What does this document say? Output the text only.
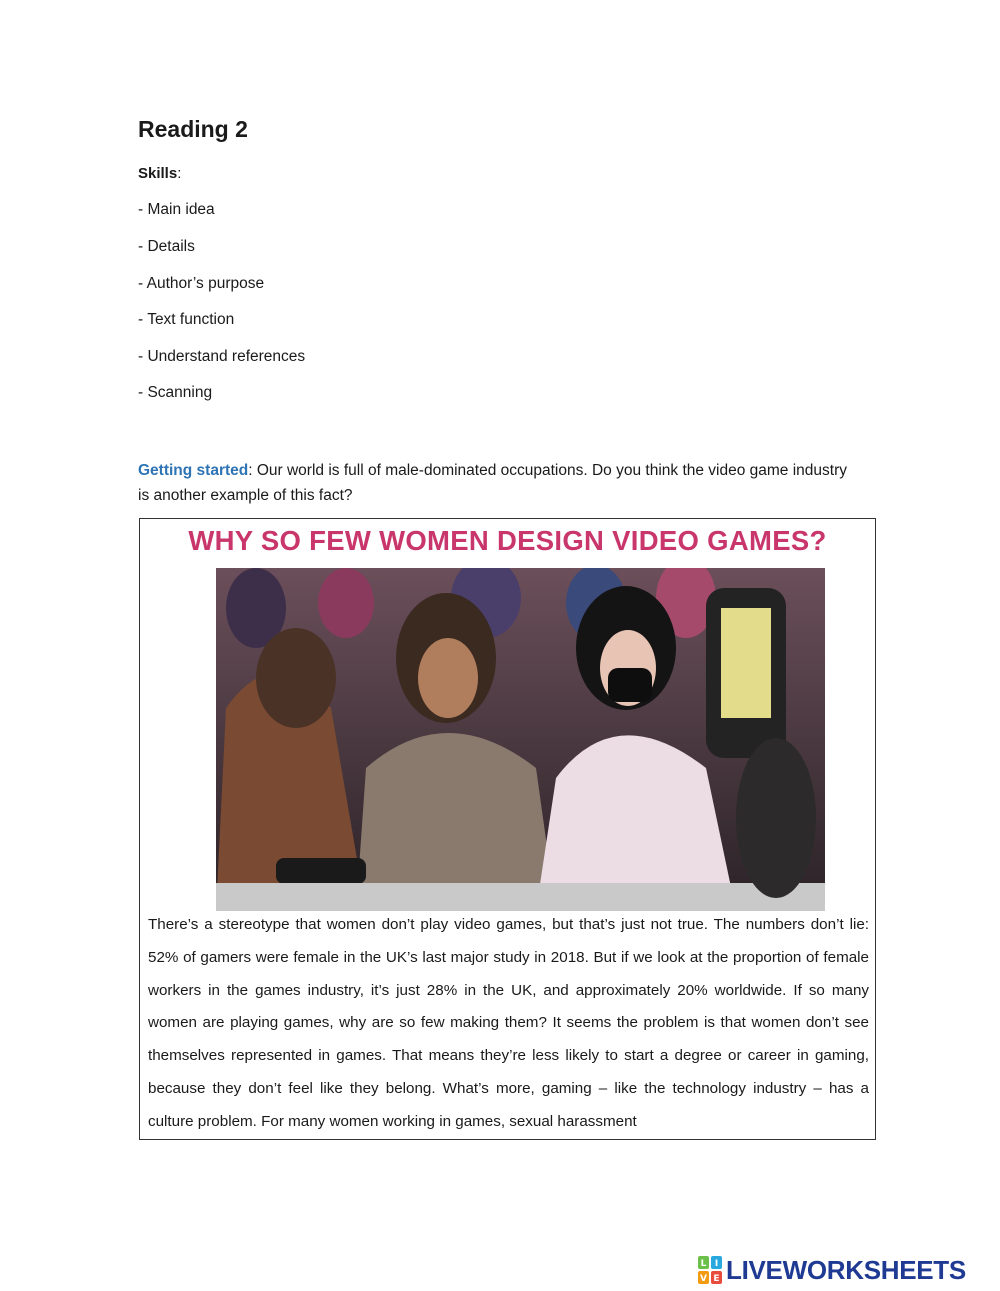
Reading 2
Skills:
- Main idea
- Details
- Author’s purpose
- Text function
- Understand references
- Scanning
Getting started: Our world is full of male-dominated occupations. Do you think the video game industry is another example of this fact?
WHY SO FEW WOMEN DESIGN VIDEO GAMES?
There’s a stereotype that women don’t play video games, but that’s just not true. The numbers don’t lie: 52% of gamers were female in the UK’s last major study in 2018. But if we look at the proportion of female workers in the games industry, it’s just 28% in the UK, and approximately 20% worldwide. If so many women are playing games, why are so few making them? It seems the problem is that women don’t see themselves represented in games. That means they’re less likely to start a degree or career in gaming, because they don’t feel like they belong. What’s more, gaming – like the technology industry – has a culture problem. For many women working in games, sexual harassment
L I
V E LIVEWORKSHEETS
